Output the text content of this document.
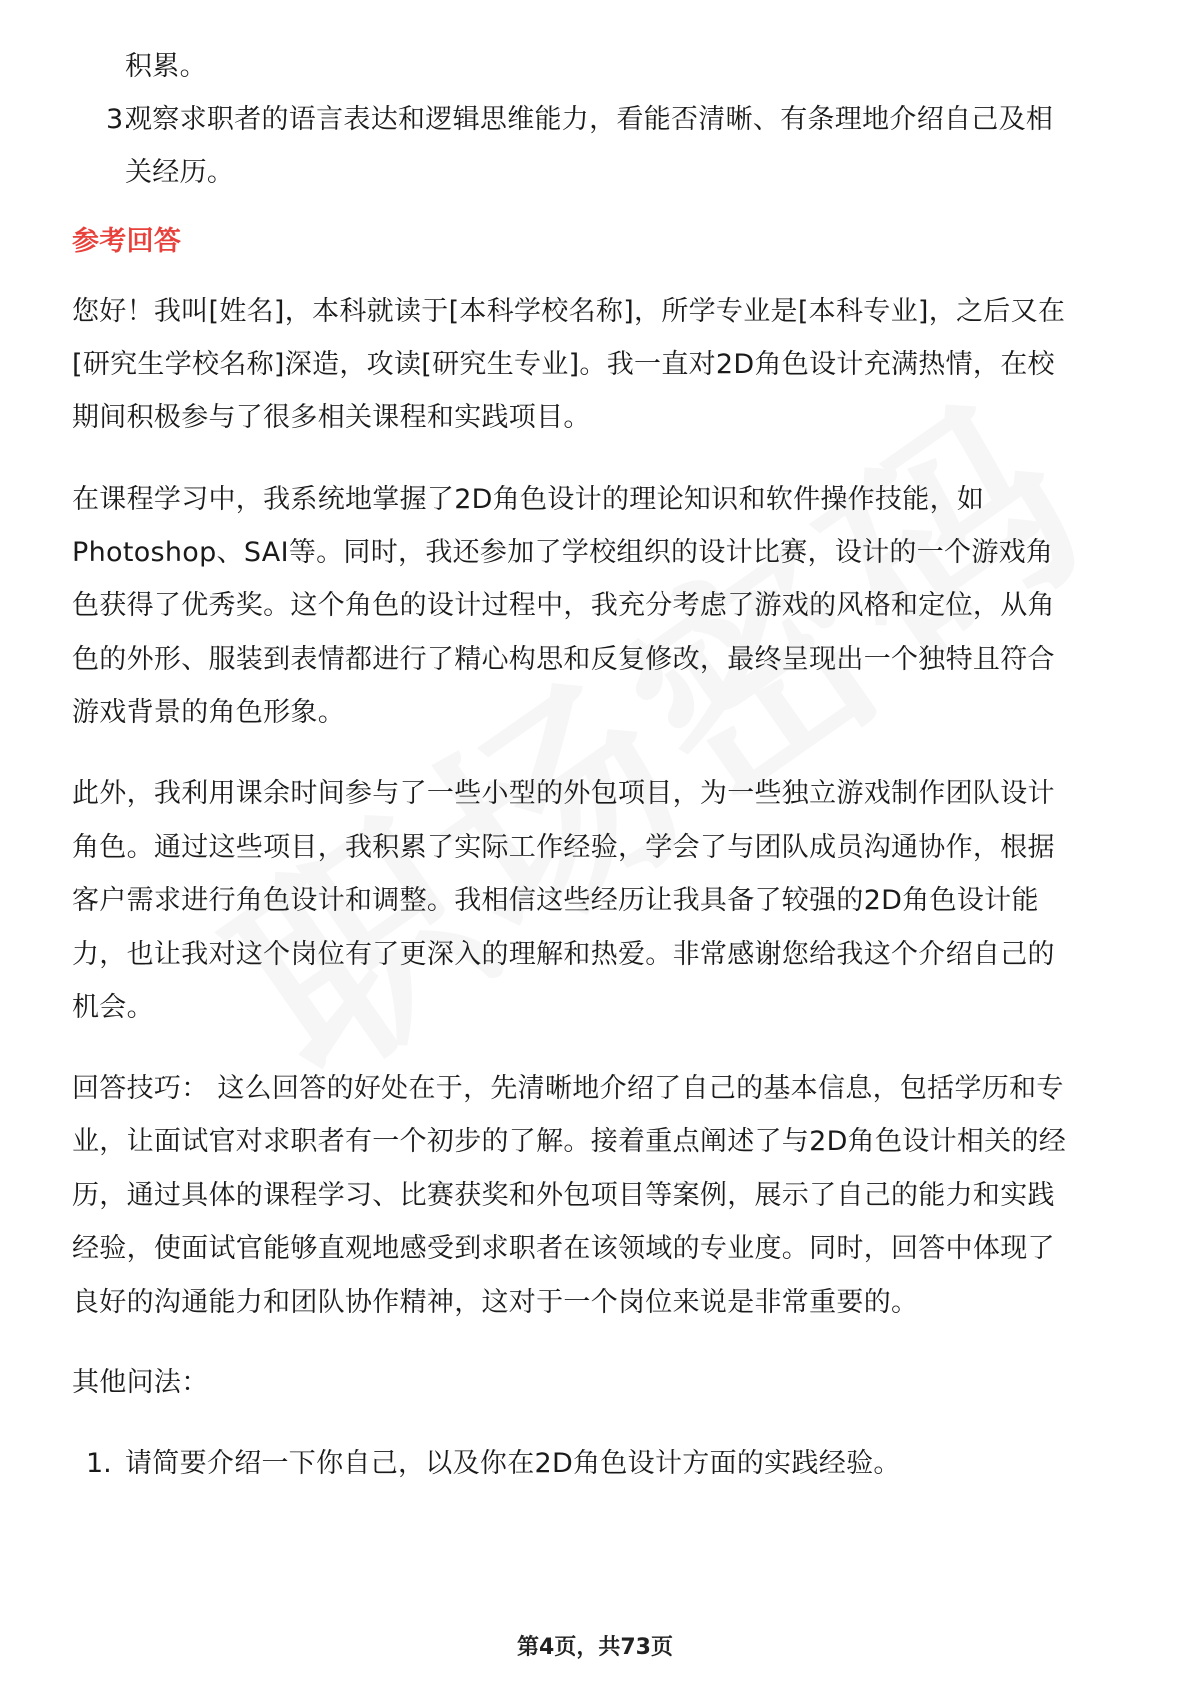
积累。
3.
观察求职者的语言表达和逻辑思维能力，看能否清晰、有条理地介绍自己及相
关经历。
参考回答
您好！我叫[姓名]，本科就读于[本科学校名称]，所学专业是[本科专业]，之后又在
[研究生学校名称]深造，攻读[研究生专业]。我一直对2D角色设计充满热情，在校
期间积极参与了很多相关课程和实践项目。
在课程学习中，我系统地掌握了2D角色设计的理论知识和软件操作技能，如
Photoshop、SAI等。同时，我还参加了学校组织的设计比赛，设计的一个游戏角
色获得了优秀奖。这个角色的设计过程中，我充分考虑了游戏的风格和定位，从角
色的外形、服装到表情都进行了精心构思和反复修改，最终呈现出一个独特且符合
游戏背景的角色形象。
此外，我利用课余时间参与了一些小型的外包项目，为一些独立游戏制作团队设计
角色。通过这些项目，我积累了实际工作经验，学会了与团队成员沟通协作，根据
客户需求进行角色设计和调整。我相信这些经历让我具备了较强的2D角色设计能
力，也让我对这个岗位有了更深入的理解和热爱。非常感谢您给我这个介绍自己的
机会。
回答技巧： 这么回答的好处在于，先清晰地介绍了自己的基本信息，包括学历和专
业，让面试官对求职者有一个初步的了解。接着重点阐述了与2D角色设计相关的经
历，通过具体的课程学习、比赛获奖和外包项目等案例，展示了自己的能力和实践
经验，使面试官能够直观地感受到求职者在该领域的专业度。同时，回答中体现了
良好的沟通能力和团队协作精神，这对于一个岗位来说是非常重要的。
其他问法：
1. 请简要介绍一下你自己，以及你在2D角色设计方面的实践经验。
第4页，共73页
